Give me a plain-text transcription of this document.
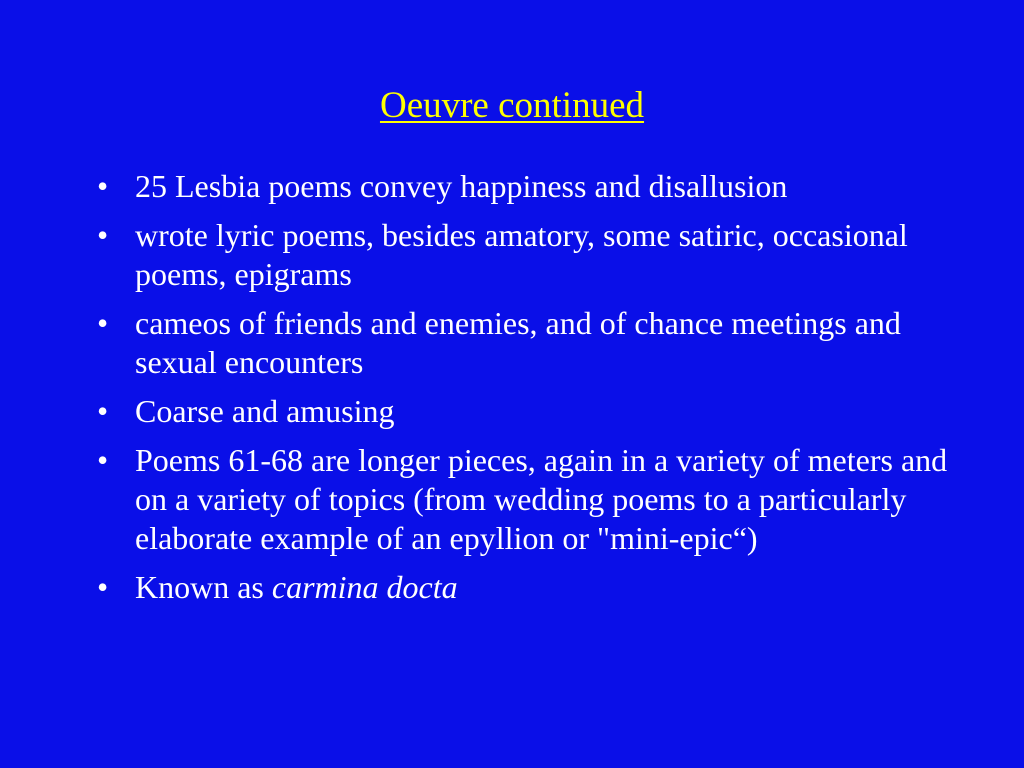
Oeuvre continued
• 25 Lesbia poems convey happiness and disallusion
• wrote lyric poems, besides amatory, some satiric, occasional poems, epigrams
• cameos of friends and enemies, and of chance meetings and sexual encounters
• Coarse and amusing
• Poems 61-68 are longer pieces, again in a variety of meters and on a variety of topics (from wedding poems to a particularly elaborate example of an epyllion or "mini-epic“)
• Known as carmina docta
